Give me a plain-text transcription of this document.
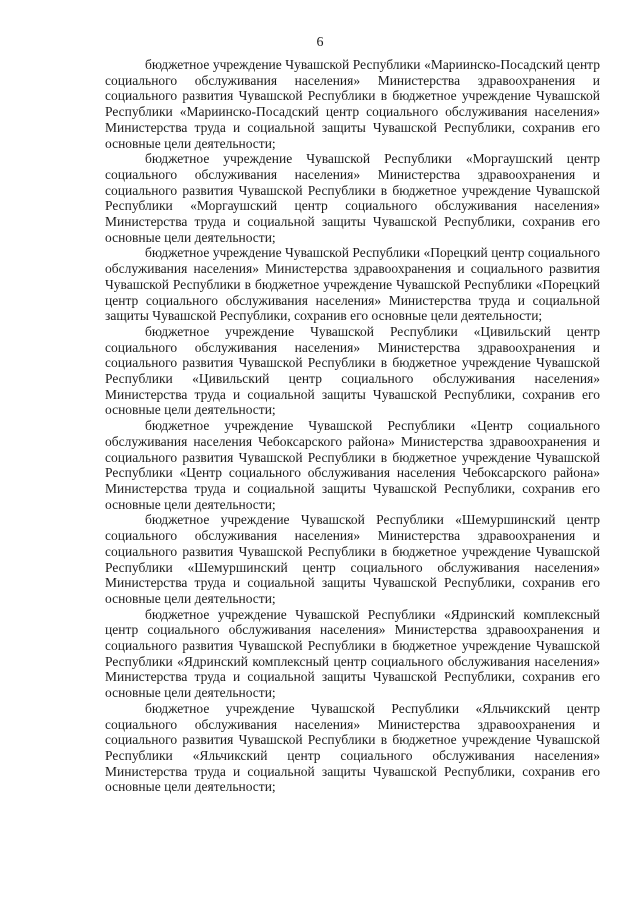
6

бюджетное учреждение Чувашской Республики «Мариинско-Посадский центр социального обслуживания населения» Министерства здравоохранения и социального развития Чувашской Республики в бюджетное учреждение Чувашской Республики «Мариинско-Посадский центр социального обслуживания населения» Министерства труда и социальной защиты Чувашской Республики, сохранив его основные цели деятельности;

бюджетное учреждение Чувашской Республики «Моргаушский центр социального обслуживания населения» Министерства здравоохранения и социального развития Чувашской Республики в бюджетное учреждение Чувашской Республики «Моргаушский центр социального обслуживания населения» Министерства труда и социальной защиты Чувашской Республики, сохранив его основные цели деятельности;

бюджетное учреждение Чувашской Республики «Порецкий центр социального обслуживания населения» Министерства здравоохранения и социального развития Чувашской Республики в бюджетное учреждение Чувашской Республики «Порецкий центр социального обслуживания населения» Министерства труда и социальной защиты Чувашской Республики, сохранив его основные цели деятельности;

бюджетное учреждение Чувашской Республики «Цивильский центр социального обслуживания населения» Министерства здравоохранения и социального развития Чувашской Республики в бюджетное учреждение Чувашской Республики «Цивильский центр социального обслуживания населения» Министерства труда и социальной защиты Чувашской Республики, сохранив его основные цели деятельности;

бюджетное учреждение Чувашской Республики «Центр социального обслуживания населения Чебоксарского района» Министерства здравоохранения и социального развития Чувашской Республики в бюджетное учреждение Чувашской Республики «Центр социального обслуживания населения Чебоксарского района» Министерства труда и социальной защиты Чувашской Республики, сохранив его основные цели деятельности;

бюджетное учреждение Чувашской Республики «Шемуршинский центр социального обслуживания населения» Министерства здравоохранения и социального развития Чувашской Республики в бюджетное учреждение Чувашской Республики «Шемуршинский центр социального обслуживания населения» Министерства труда и социальной защиты Чувашской Республики, сохранив его основные цели деятельности;

бюджетное учреждение Чувашской Республики «Ядринский комплексный центр социального обслуживания населения» Министерства здравоохранения и социального развития Чувашской Республики в бюджетное учреждение Чувашской Республики «Ядринский комплексный центр социального обслуживания населения» Министерства труда и социальной защиты Чувашской Республики, сохранив его основные цели деятельности;

бюджетное учреждение Чувашской Республики «Яльчикский центр социального обслуживания населения» Министерства здравоохранения и социального развития Чувашской Республики в бюджетное учреждение Чувашской Республики «Яльчикский центр социального обслуживания населения» Министерства труда и социальной защиты Чувашской Республики, сохранив его основные цели деятельности;
